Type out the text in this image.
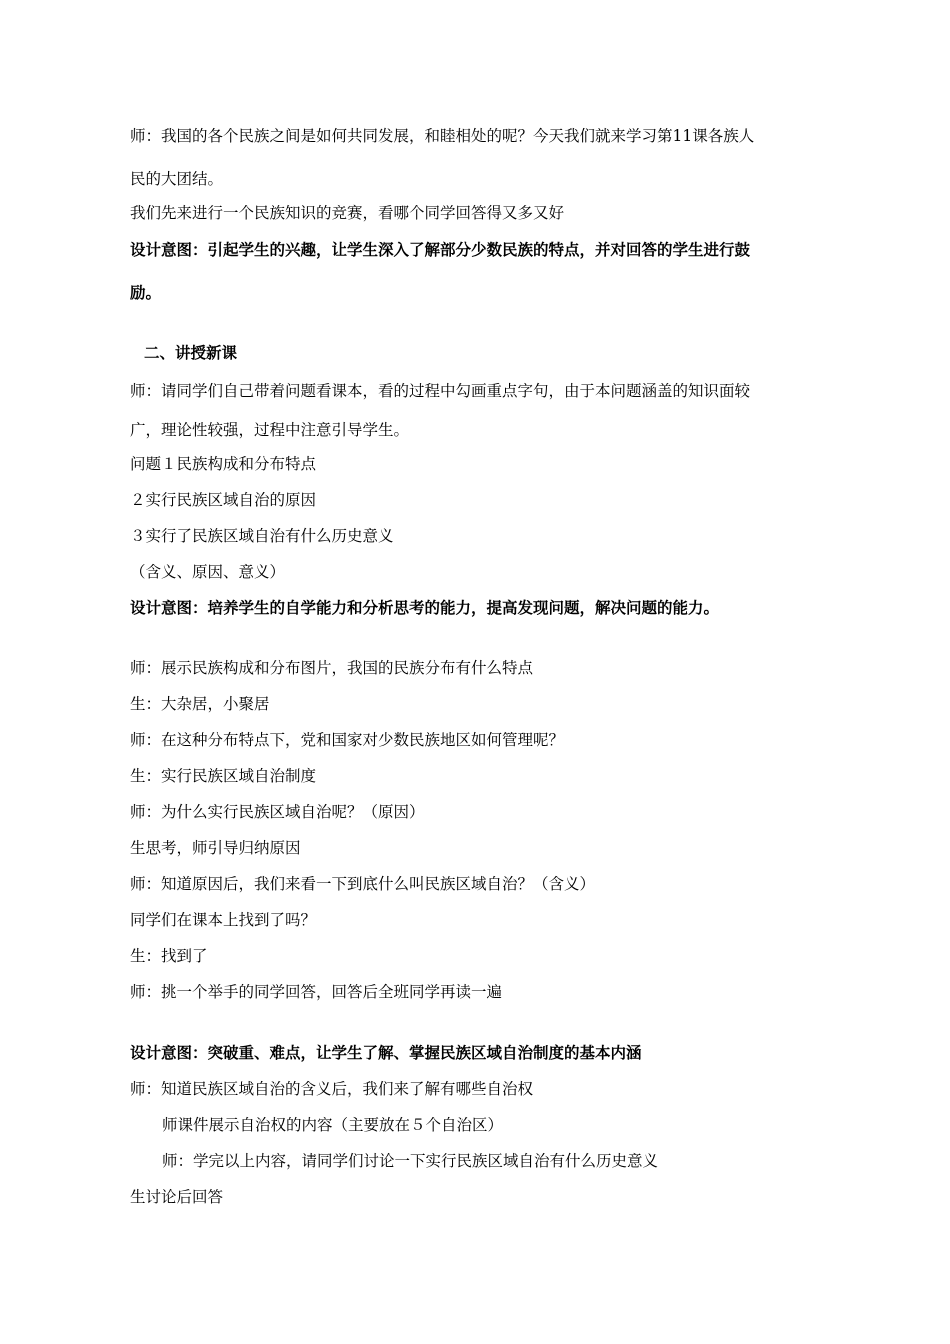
师：我国的各个民族之间是如何共同发展，和睦相处的呢？今天我们就来学习第11课各族人
民的大团结。
我们先来进行一个民族知识的竞赛，看哪个同学回答得又多又好
设计意图：引起学生的兴趣，让学生深入了解部分少数民族的特点，并对回答的学生进行鼓
励。
二、讲授新课
师：请同学们自己带着问题看课本，看的过程中勾画重点字句，由于本问题涵盖的知识面较
广，理论性较强，过程中注意引导学生。
问题１民族构成和分布特点
２实行民族区域自治的原因
３实行了民族区域自治有什么历史意义
（含义、原因、意义）
设计意图：培养学生的自学能力和分析思考的能力，提高发现问题，解决问题的能力。
师：展示民族构成和分布图片，我国的民族分布有什么特点
生：大杂居，小聚居
师：在这种分布特点下，党和国家对少数民族地区如何管理呢？
生：实行民族区域自治制度
师：为什么实行民族区域自治呢？（原因）
生思考，师引导归纳原因
师：知道原因后，我们来看一下到底什么叫民族区域自治？（含义）
同学们在课本上找到了吗？
生：找到了
师：挑一个举手的同学回答，回答后全班同学再读一遍
设计意图：突破重、难点，让学生了解、掌握民族区域自治制度的基本内涵
师：知道民族区域自治的含义后，我们来了解有哪些自治权
师课件展示自治权的内容（主要放在５个自治区）
师：学完以上内容，请同学们讨论一下实行民族区域自治有什么历史意义
生讨论后回答
